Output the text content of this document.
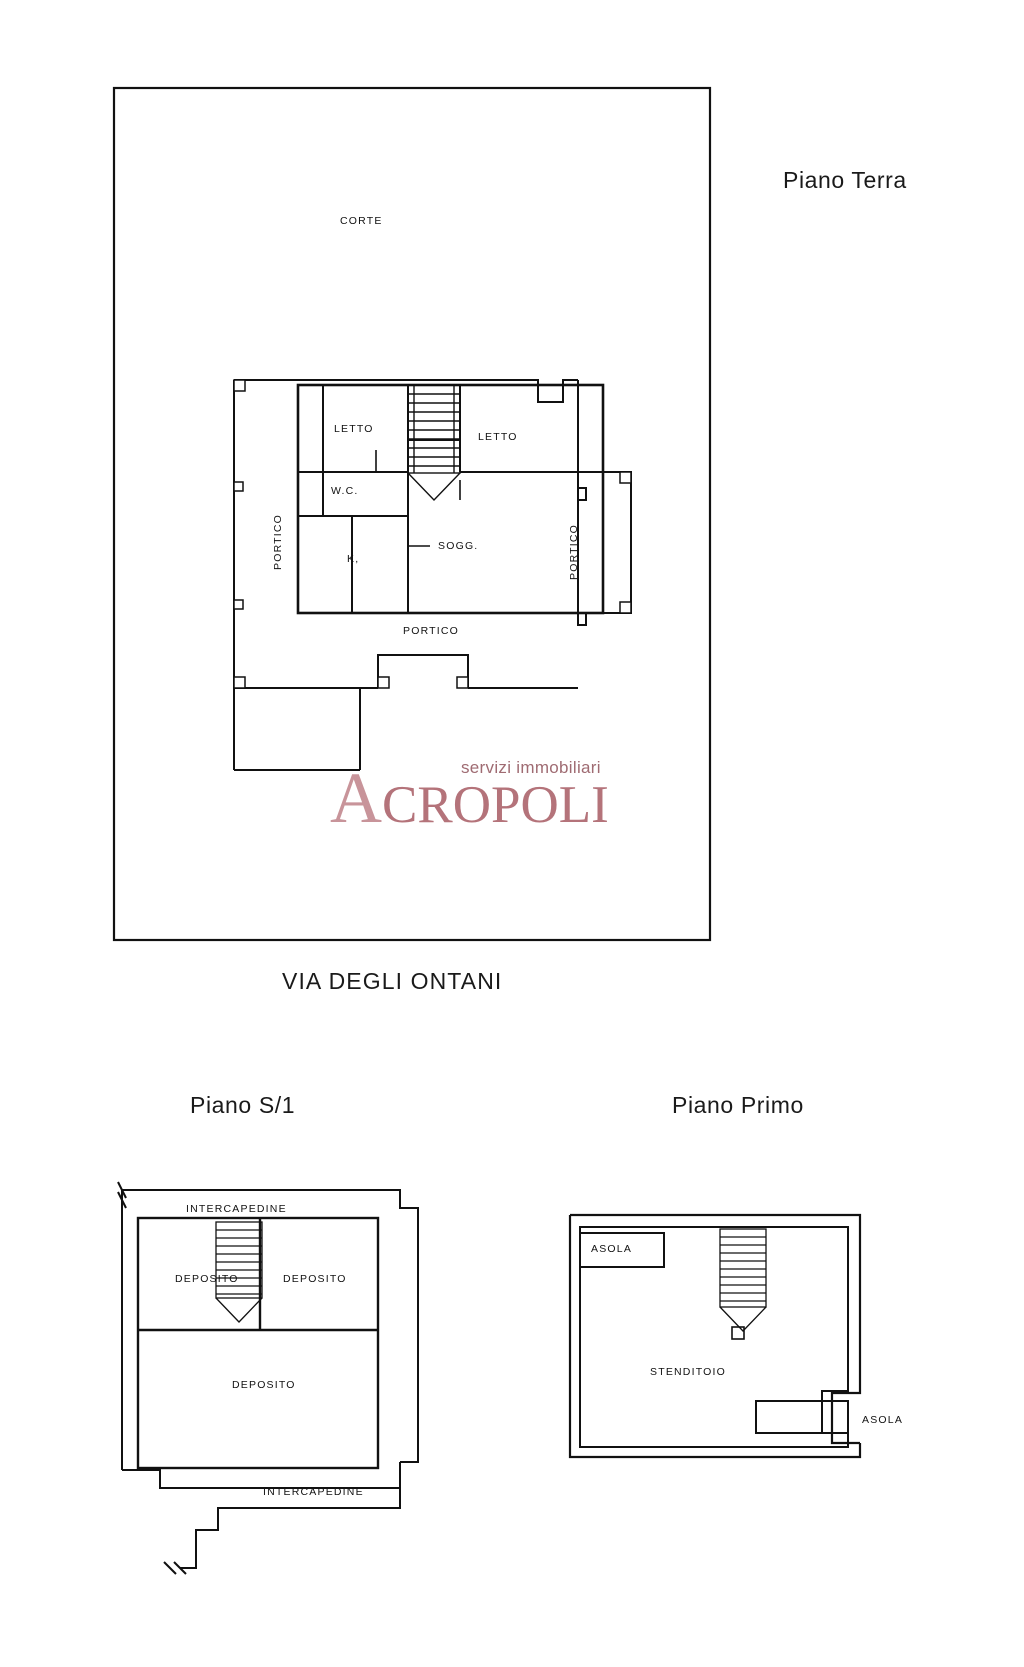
Piano Terra
CORTE
LETTO
LETTO
W.C.
K,
SOGG.
PORTICO	PORTICO
PORTICO
ACROPOLI
servizi immobiliari
VIA DEGLI ONTANI
Piano S/1
INTERCAPEDINE
DEPOSITO	DEPOSITO
DEPOSITO
INTERCAPEDINE
Piano Primo
ASOLA
STENDITOIO
ASOLA
